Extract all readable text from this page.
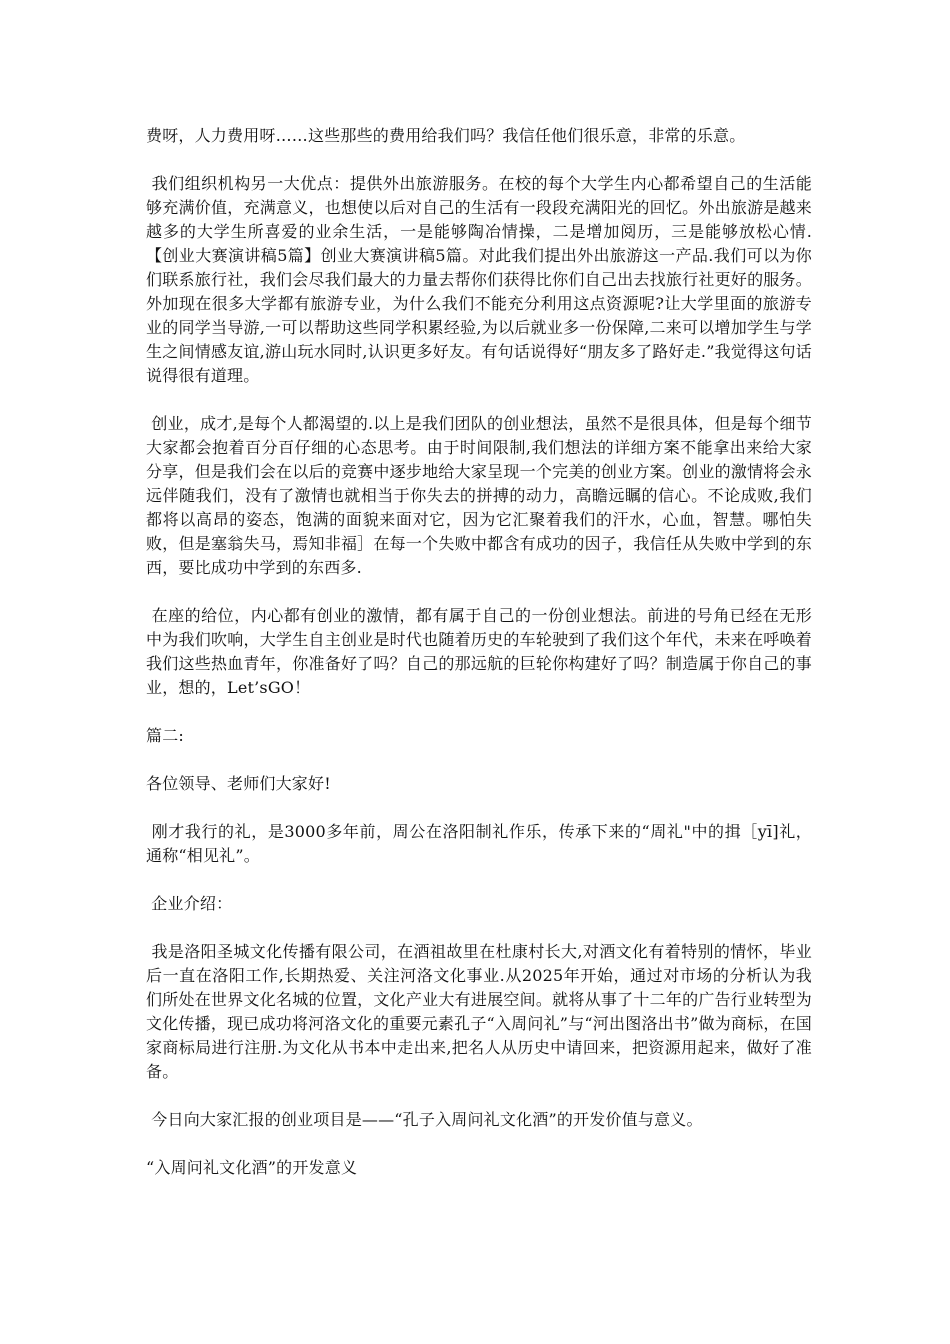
费呀，人力费用呀……这些那些的费用给我们吗？我信任他们很乐意，非常的乐意。

我们组织机构另一大优点：提供外出旅游服务。在校的每个大学生内心都希望自己的生活能够充满价值，充满意义，也想使以后对自己的生活有一段段充满阳光的回忆。外出旅游是越来越多的大学生所喜爱的业余生活，一是能够陶冶情操，二是增加阅历，三是能够放松心情.【创业大赛演讲稿5篇】创业大赛演讲稿5篇。对此我们提出外出旅游这一产品.我们可以为你们联系旅行社，我们会尽我们最大的力量去帮你们获得比你们自己出去找旅行社更好的服务。外加现在很多大学都有旅游专业，为什么我们不能充分利用这点资源呢?让大学里面的旅游专业的同学当导游,一可以帮助这些同学积累经验,为以后就业多一份保障,二来可以增加学生与学生之间情感友谊,游山玩水同时,认识更多好友。有句话说得好“朋友多了路好走.”我觉得这句话说得很有道理。

创业，成才,是每个人都渴望的.以上是我们团队的创业想法，虽然不是很具体，但是每个细节大家都会抱着百分百仔细的心态思考。由于时间限制,我们想法的详细方案不能拿出来给大家分享，但是我们会在以后的竞赛中逐步地给大家呈现一个完美的创业方案。创业的激情将会永远伴随我们，没有了激情也就相当于你失去的拼搏的动力，高瞻远瞩的信心。不论成败,我们都将以高昂的姿态，饱满的面貌来面对它，因为它汇聚着我们的汗水，心血，智慧。哪怕失败，但是塞翁失马，焉知非福］在每一个失败中都含有成功的因子，我信任从失败中学到的东西，要比成功中学到的东西多.

在座的给位，内心都有创业的激情，都有属于自己的一份创业想法。前进的号角已经在无形中为我们吹响，大学生自主创业是时代也随着历史的车轮驶到了我们这个年代，未来在呼唤着我们这些热血青年，你准备好了吗？自己的那远航的巨轮你构建好了吗？制造属于你自己的事业，想的，Let’sGO！

篇二:

各位领导、老师们大家好!

刚才我行的礼，是3000多年前，周公在洛阳制礼作乐，传承下来的“周礼"中的揖［yī]礼，通称“相见礼”。

企业介绍：

我是洛阳圣城文化传播有限公司，在酒祖故里在杜康村长大,对酒文化有着特别的情怀，毕业后一直在洛阳工作,长期热爱、关注河洛文化事业.从2025年开始，通过对市场的分析认为我们所处在世界文化名城的位置，文化产业大有进展空间。就将从事了十二年的广告行业转型为文化传播，现已成功将河洛文化的重要元素孔子“入周问礼”与“河出图洛出书”做为商标，在国家商标局进行注册.为文化从书本中走出来,把名人从历史中请回来，把资源用起来，做好了准备。

今日向大家汇报的创业项目是——“孔子入周问礼文化酒”的开发价值与意义。

“入周问礼文化酒”的开发意义
